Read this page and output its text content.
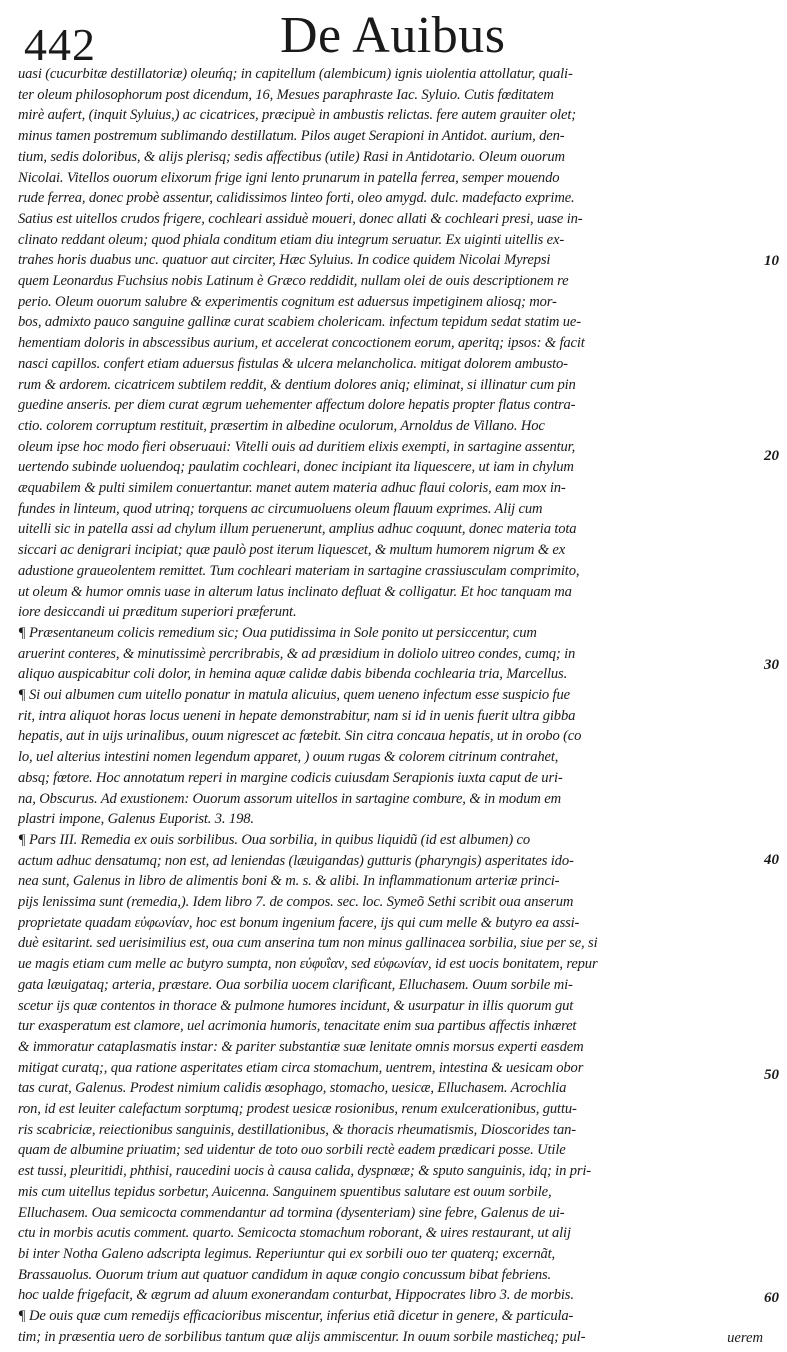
442	De Auibus
uasi (cucurbitæ destillatoriæ) oleuḿq; in capitellum (alembicum) ignis uiolentia attollatur, quali-
ter oleum philosophorum post dicendum, 16, Mesues paraphraste Iac. Syluio. Cutis fœditatem
mirè aufert, (inquit Syluius,) ac cicatrices, præcipuè in ambustis relictas. fere autem grauiter olet;
minus tamen postremum sublimando destillatum. Pilos auget Serapioni in Antidot. aurium, den-
tium, sedis doloribus, & alijs plerisq; sedis affectibus (utile) Rasi in Antidotario. Oleum ouorum
Nicolai. Vitellos ouorum elixorum frige igni lento prunarum in patella ferrea, semper mouendo
rude ferrea, donec probè assentur, calidissimos linteo forti, oleo amygd. dulc. madefacto exprime.
Satius est uitellos crudos frigere, cochleari assiduè moueri, donec allati & cochleari presi, uase in-
clinato reddant oleum; quod phiala conditum etiam diu integrum seruatur. Ex uiginti uitellis ex-
trahes horis duabus unc. quatuor aut circiter, Hæc Syluius. In codice quidem Nicolai Myrepsi
quem Leonardus Fuchsius nobis Latinum è Græco reddidit, nullam olei de ouis descriptionem re
perio. Oleum ouorum salubre & experimentis cognitum est aduersus impetiginem aliosq; mor-
bos, admixto pauco sanguine gallinæ curat scabiem cholericam. infectum tepidum sedat statim ue-
hementiam doloris in abscessibus aurium, et accelerat concoctionem eorum, aperitq; ipsos: & facit
nasci capillos. confert etiam aduersus fistulas & ulcera melancholica. mitigat dolorem ambusto-
rum & ardorem. cicatricem subtilem reddit, & dentium dolores aniq; eliminat, si illinatur cum pin
guedine anseris. per diem curat ægrum uehementer affectum dolore hepatis propter flatus contra-
ctio. colorem corruptum restituit, præsertim in albedine oculorum, Arnoldus de Villano. Hoc
oleum ipse hoc modo fieri obseruaui: Vitelli ouis ad duritiem elixis exempti, in sartagine assentur,
uertendo subinde uoluendoq; paulatim cochleari, donec incipiant ita liquescere, ut iam in chylum
æquabilem & pulti similem conuertantur. manet autem materia adhuc flaui coloris, eam mox in-
fundes in linteum, quod utrinq; torquens ac circumuoluens oleum flauum exprimes. Alij cum
uitelli sic in patella assi ad chylum illum peruenerunt, amplius adhuc coquunt, donec materia tota
siccari ac denigrari incipiat; quæ paulò post iterum liquescet, & multum humorem nigrum & ex
adustione graueolentem remittet. Tum cochleari materiam in sartagine crassiusculam comprimito,
ut oleum & humor omnis uase in alterum latus inclinato defluat & colligatur. Et hoc tanquam ma
iore desiccandi ui præditum superiori præferunt.
¶ Præsentaneum colicis remedium sic; Oua putidissima in Sole ponito ut persiccentur, cum
aruerint conteres, & minutissimè percribrabis, & ad præsidium in doliolo uitreo condes, cumq; in
aliquo auspicabitur coli dolor, in hemina aquæ calidæ dabis bibenda cochlearia tria, Marcellus.
¶ Si oui albumen cum uitello ponatur in matula alicuius, quem ueneno infectum esse suspicio fue
rit, intra aliquot horas locus ueneni in hepate demonstrabitur, nam si id in uenis fuerit ultra gibba
hepatis, aut in uijs urinalibus, ouum nigrescet ac fœtebit. Sin citra concaua hepatis, ut in orobo (co
lo, uel alterius intestini nomen legendum apparet, ) ouum rugas & colorem citrinum contrahet,
absq; fœtore. Hoc annotatum reperi in margine codicis cuiusdam Serapionis iuxta caput de uri-
na, Obscurus. Ad exustionem: Ouorum assorum uitellos in sartagine combure, & in modum em
plastri impone, Galenus Euporist. 3. 198.
¶ Pars III. Remedia ex ouis sorbilibus. Oua sorbilia, in quibus liquidũ (id est albumen) co
actum adhuc densatumq; non est, ad leniendas (læuigandas) gutturis (pharyngis) asperitates ido-
nea sunt, Galenus in libro de alimentis boni & m. s. & alibi. In inflammationum arteriæ princi-
pijs lenissima sunt (remedia,). Idem libro 7. de compos. sec. loc. Symeõ Sethi scribit oua anserum
proprietate quadam εὐφωνίαν, hoc est bonum ingenium facere, ijs qui cum melle & butyro ea assi-
duè esitarint. sed uerisimilius est, oua cum anserina tum non minus gallinacea sorbilia, siue per se, si
ue magis etiam cum melle ac butyro sumpta, non εὐφυΐαν, sed εὐφωνίαν, id est uocis bonitatem, repur
gata læuigataq; arteria, præstare. Oua sorbilia uocem clarificant, Elluchasem. Ouum sorbile mi-
scetur ijs quæ contentos in thorace & pulmone humores incidunt, & usurpatur in illis quorum gut
tur exasperatum est clamore, uel acrimonia humoris, tenacitate enim sua partibus affectis inhæret
& immoratur cataplasmatis instar: & pariter substantiæ suæ lenitate omnis morsus experti easdem
mitigat curatq;, qua ratione asperitates etiam circa stomachum, uentrem, intestina & uesicam obor
tas curat, Galenus. Prodest nimium calidis œsophago, stomacho, uesicæ, Elluchasem. Acrochlia
ron, id est leuiter calefactum sorptumq; prodest uesicæ rosionibus, renum exulcerationibus, guttu-
ris scabriciæ, reiectionibus sanguinis, destillationibus, & thoracis rheumatismis, Dioscorides tan-
quam de albumine priuatim; sed uidentur de toto ouo sorbili rectè eadem prædicari posse. Utile
est tussi, pleuritidi, phthisi, raucedini uocis à causa calida, dyspnœæ; & sputo sanguinis, idq; in pri-
mis cum uitellus tepidus sorbetur, Auicenna. Sanguinem spuentibus salutare est ouum sorbile,
Elluchasem. Oua semicocta commendantur ad tormina (dysenteriam) sine febre, Galenus de ui-
ctu in morbis acutis comment. quarto. Semicocta stomachum roborant, & uires restaurant, ut alij
bi inter Notha Galeno adscripta legimus. Reperiuntur qui ex sorbili ouo ter quaterq; excernãt,
Brassauolus. Ouorum trium aut quatuor candidum in aquæ congio concussum bibat febriens.
hoc ualde frigefacit, & ægrum ad aluum exonerandam conturbat, Hippocrates libro 3. de morbis.
¶ De ouis quæ cum remedijs efficacioribus miscentur, inferius etiã dicetur in genere, & particula-
tim; in præsentia uero de sorbilibus tantum quæ alijs ammiscentur. In ouum sorbile masticheq; pul-
10
20
30
40
50
60
uerem
